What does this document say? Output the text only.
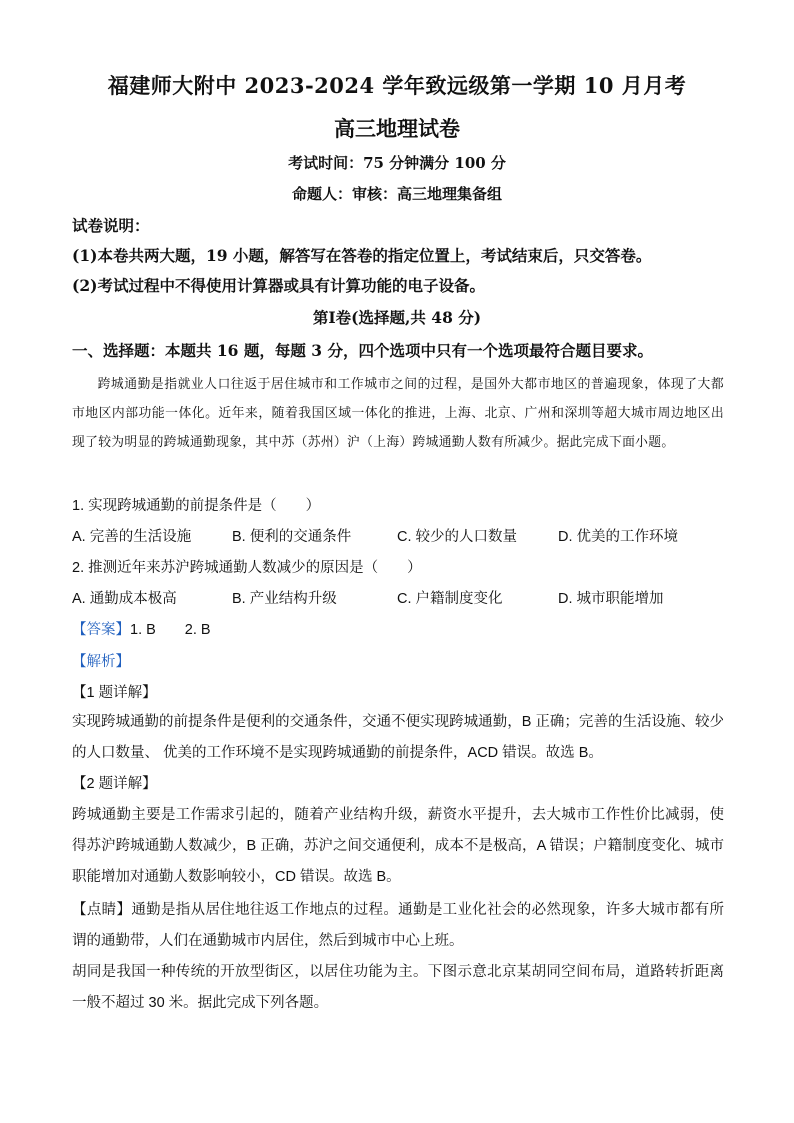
福建师大附中 2023-2024 学年致远级第一学期 10 月月考
高三地理试卷
考试时间：75 分钟满分 100 分
命题人：审核：高三地理集备组
试卷说明：
(1)本卷共两大题，19 小题，解答写在答卷的指定位置上，考试结束后，只交答卷。
(2)考试过程中不得使用计算器或具有计算功能的电子设备。
第Ⅰ卷(选择题,共 48 分)
一、选择题：本题共 16 题，每题 3 分，四个选项中只有一个选项最符合题目要求。
跨城通勤是指就业人口往返于居住城市和工作城市之间的过程，是国外大都市地区的普遍现象，体现了大都市地区内部功能一体化。近年来，随着我国区域一体化的推进，上海、北京、广州和深圳等超大城市周边地区出现了较为明显的跨城通勤现象，其中苏（苏州）沪（上海）跨城通勤人数有所减少。据此完成下面小题。
1. 实现跨城通勤的前提条件是（　　）
A. 完善的生活设施	B. 便利的交通条件	C. 较少的人口数量	D. 优美的工作环境
2. 推测近年来苏沪跨城通勤人数减少的原因是（　　）
A. 通勤成本极高	B. 产业结构升级	C. 户籍制度变化	D. 城市职能增加
【答案】1. B　　2. B
【解析】
【1 题详解】
实现跨城通勤的前提条件是便利的交通条件，交通不便实现跨城通勤，B 正确；完善的生活设施、较少的人口数量、 优美的工作环境不是实现跨城通勤的前提条件，ACD 错误。故选 B。
【2 题详解】
跨城通勤主要是工作需求引起的，随着产业结构升级，薪资水平提升，去大城市工作性价比减弱，使得苏沪跨城通勤人数减少，B 正确，苏沪之间交通便利，成本不是极高，A 错误；户籍制度变化、城市职能增加对通勤人数影响较小，CD 错误。故选 B。
【点睛】通勤是指从居住地往返工作地点的过程。通勤是工业化社会的必然现象，许多大城市都有所谓的通勤带，人们在通勤城市内居住，然后到城市中心上班。
胡同是我国一种传统的开放型街区，以居住功能为主。下图示意北京某胡同空间布局，道路转折距离一般不超过 30 米。据此完成下列各题。
